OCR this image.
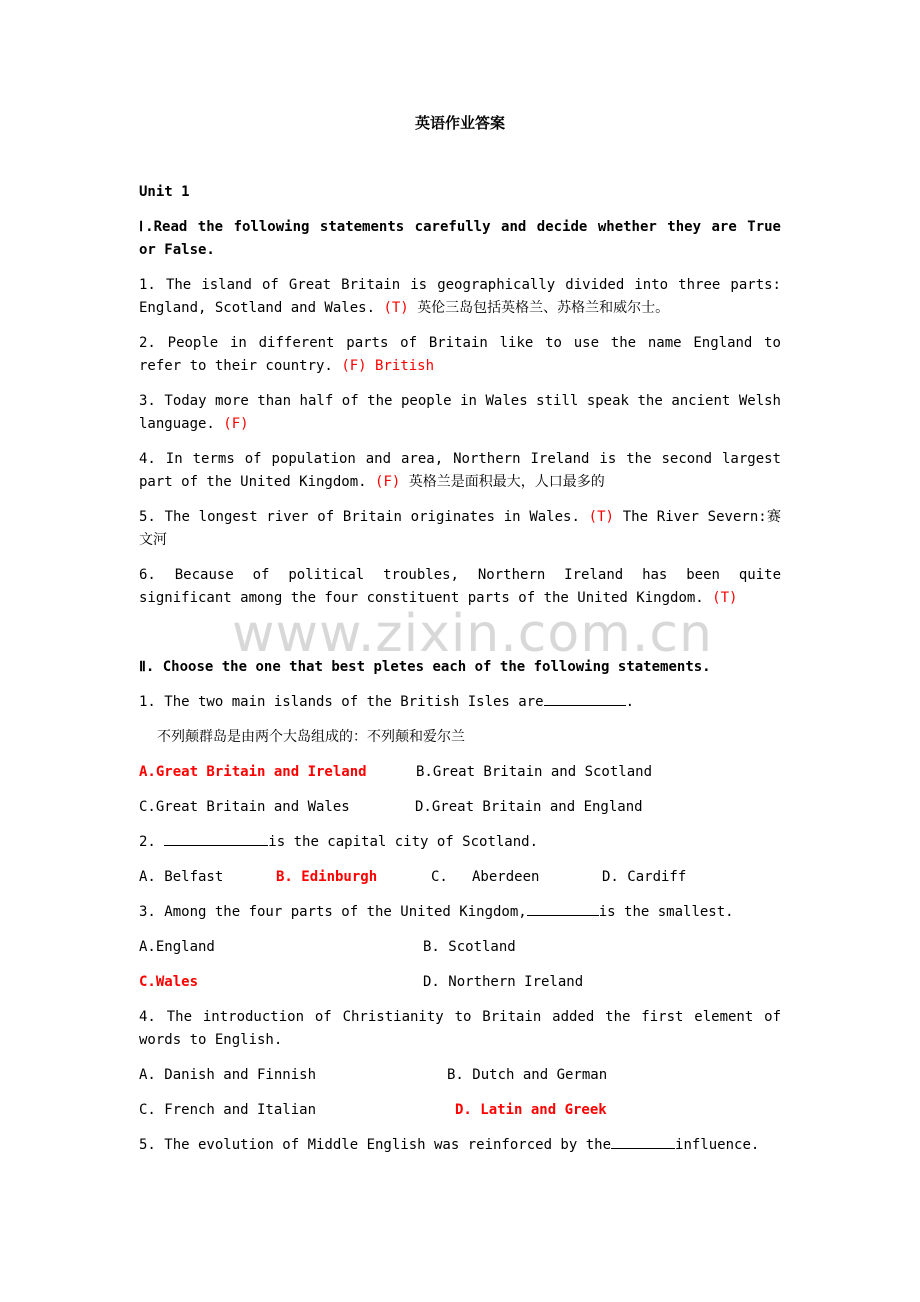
www.zixin.com.cn
英语作业答案
Unit 1
Ⅰ.Read the following statements carefully and decide whether they are True or False.
1. The island of Great Britain is geographically divided into three parts: England, Scotland and Wales. (T) 英伦三岛包括英格兰、苏格兰和威尔士。
2. People in different parts of Britain like to use the name England to refer to their country. (F) British
3. Today more than half of the people in Wales still speak the ancient Welsh language. (F)
4. In terms of population and area, Northern Ireland is the second largest part of the United Kingdom. (F) 英格兰是面积最大，人口最多的
5. The longest river of Britain originates in Wales. (T) The River Severn:赛文河
6. Because of political troubles, Northern Ireland has been quite significant among the four constituent parts of the United Kingdom. (T)
Ⅱ. Choose the one that best pletes each of the following statements.
1. The two main islands of the British Isles are	.
不列颠群岛是由两个大岛组成的：不列颠和爱尔兰
A.Great Britain and Ireland	B.Great Britain and Scotland
C.Great Britain and Wales	D.Great Britain and England
2.	is the capital city of Scotland.
A. Belfast	B. Edinburgh	C. Aberdeen	D. Cardiff
3. Among the four parts of the United Kingdom,	is the smallest.
A.England	B. Scotland
C.Wales	D. Northern Ireland
4. The introduction of Christianity to Britain added the first element of words to English.
A. Danish and Finnish	B. Dutch and German
C. French and Italian	D. Latin and Greek
5. The evolution of Middle English was reinforced by the	influence.
